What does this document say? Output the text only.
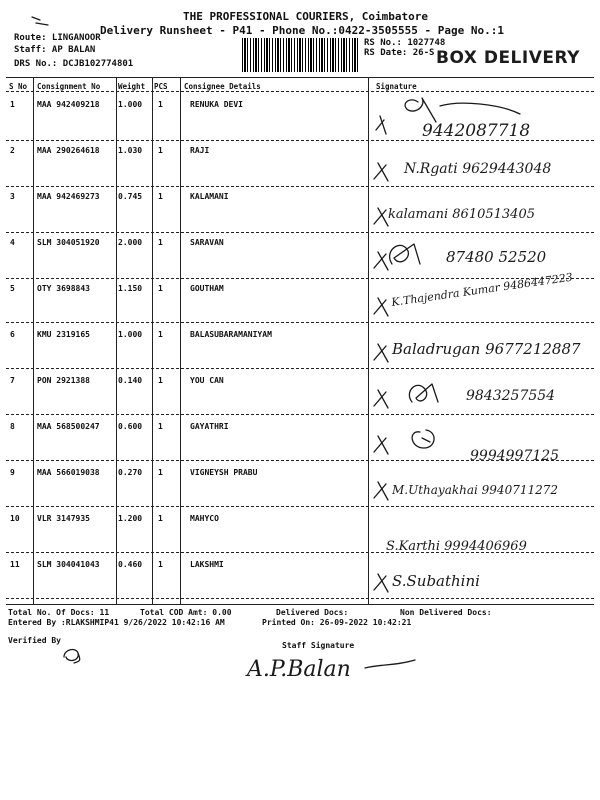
THE PROFESSIONAL COURIERS, Coimbatore
Delivery Runsheet - P41 - Phone No.:0422-3505555 - Page No.:1
Route: LINGANOOR
Staff: AP BALAN
DRS No.: DCJB102774801
RS No.: 1027748
RS Date: 26-S BOX DELIVERY
S No Consignment No Weight PCS Consignee Details	Signature
1	MAA 942409218 1.000 1	RENUKA DEVI
9442087718
2	MAA 290264618 1.030 1	RAJI
N.Rgati 9629443048
3	MAA 942469273 0.745 1	KALAMANI
kalamani 8610513405
4	SLM 304051920 2.000 1	SARAVAN
87480 52520
5	OTY 3698843	1.150 1	GOUTHAM	K.Thajendra Kumar 9486447223
6	KMU 2319165	1.000 1	BALASUBARAMANIYAM
Baladrugan 9677212887
7	PON 2921388	0.140 1	YOU CAN
9843257554
8	MAA 568500247 0.600 1	GAYATHRI
9994997125
9	MAA 566019038 0.270 1	VIGNEYSH PRABU
M.Uthayakhai 9940711272
10 VLR 3147935	1.200 1	MAHYCO
S.Karthi 9994406969
11 SLM 304041043 0.460 1	LAKSHMI
S.Subathini
Total No. Of Docs: 11	Total COD Amt: 0.00	Delivered Docs:	Non Delivered Docs:
Entered By :RLAKSHMIP41 9/26/2022 10:42:16 AM	Printed On: 26-09-2022 10:42:21
Verified By
Staff Signature
A.P.Balan
